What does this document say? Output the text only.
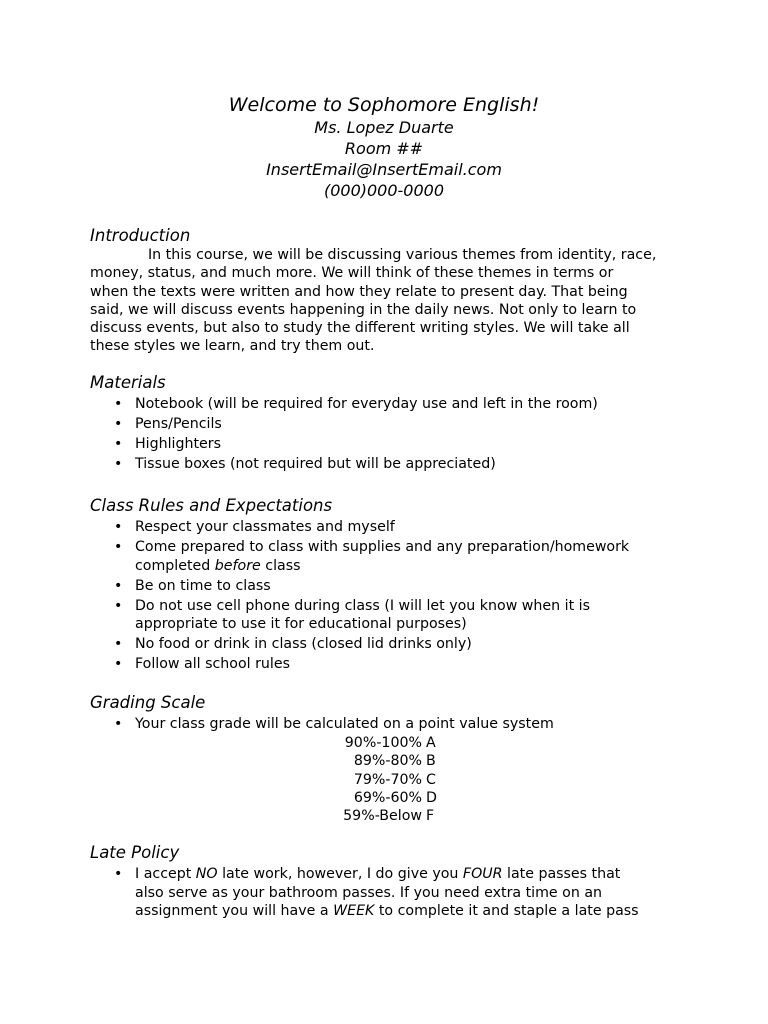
Welcome to Sophomore English!
Ms. Lopez Duarte
Room ##
InsertEmail@InsertEmail.com
(000)000-0000
Introduction
In this course, we will be discussing various themes from identity, race,
money, status, and much more. We will think of these themes in terms or
when the texts were written and how they relate to present day. That being
said, we will discuss events happening in the daily news. Not only to learn to
discuss events, but also to study the different writing styles. We will take all
these styles we learn, and try them out.
Materials
• Notebook (will be required for everyday use and left in the room)
• Pens/Pencils
• Highlighters
• Tissue boxes (not required but will be appreciated)
Class Rules and Expectations
• Respect your classmates and myself
• Come prepared to class with supplies and any preparation/homework
completed before class
• Be on time to class
• Do not use cell phone during class (I will let you know when it is
appropriate to use it for educational purposes)
• No food or drink in class (closed lid drinks only)
• Follow all school rules
Grading Scale
• Your class grade will be calculated on a point value system
90%-100% A
89%-80% B
79%-70% C
69%-60% D
59%-Below F
Late Policy
• I accept NO late work, however, I do give you FOUR late passes that
also serve as your bathroom passes. If you need extra time on an
assignment you will have a WEEK to complete it and staple a late pass
